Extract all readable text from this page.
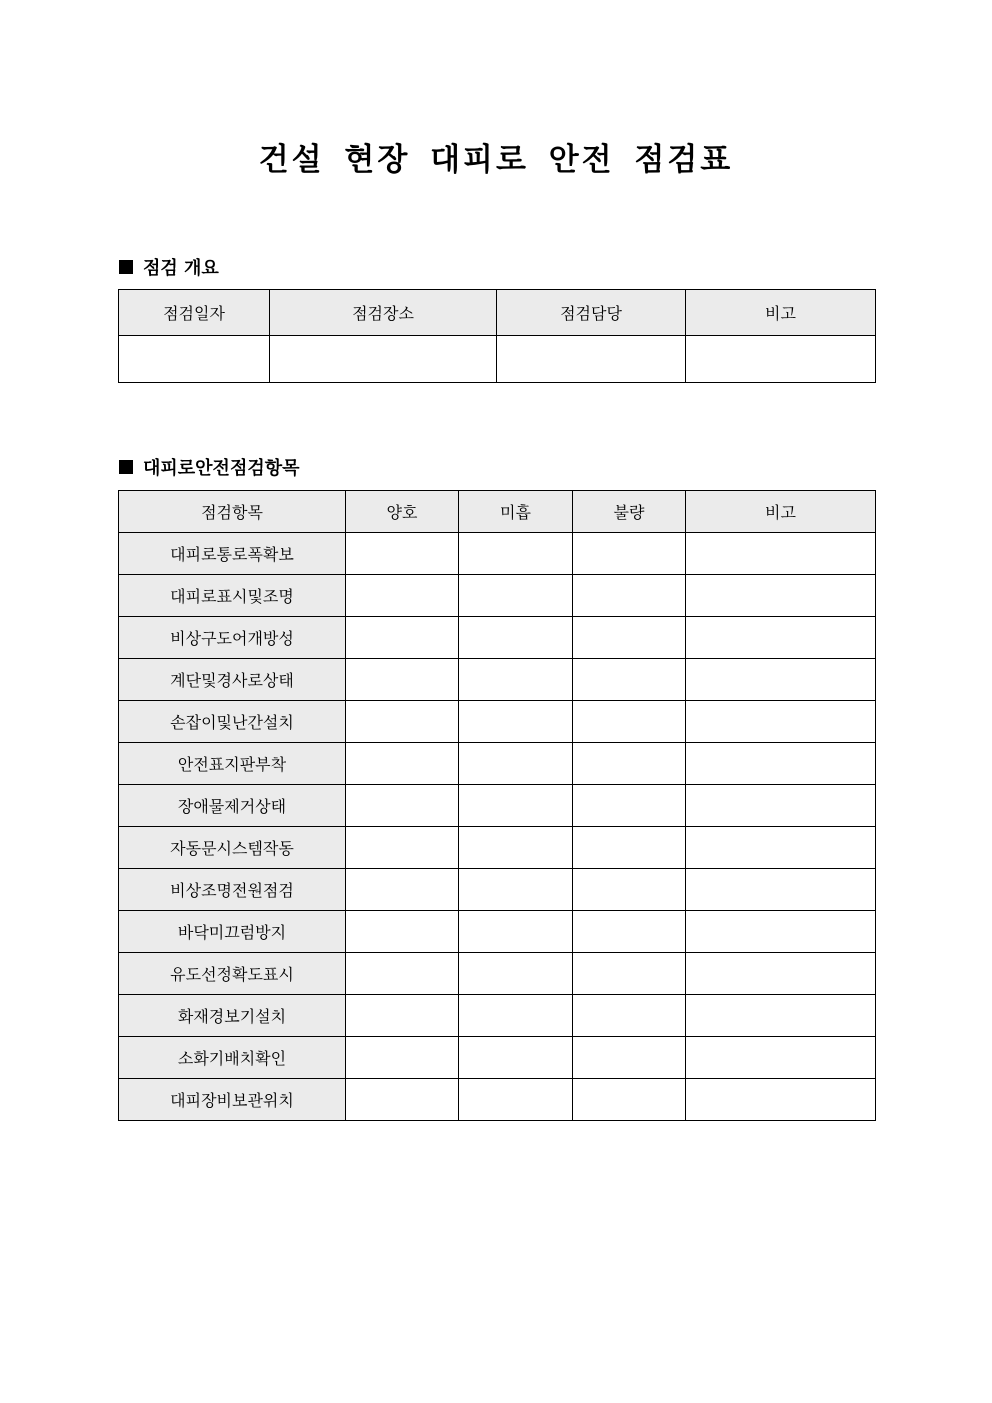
건설 현장 대피로 안전 점검표
점검 개요
점검일자	점검장소	점검담당	비고

대피로안전점검항목
점검항목	양호	미흡	불량	비고
대피로통로폭확보				
대피로표시및조명				
비상구도어개방성				
계단및경사로상태				
손잡이및난간설치				
안전표지판부착				
장애물제거상태				
자동문시스템작동				
비상조명전원점검				
바닥미끄럼방지				
유도선정확도표시				
화재경보기설치				
소화기배치확인				
대피장비보관위치				
